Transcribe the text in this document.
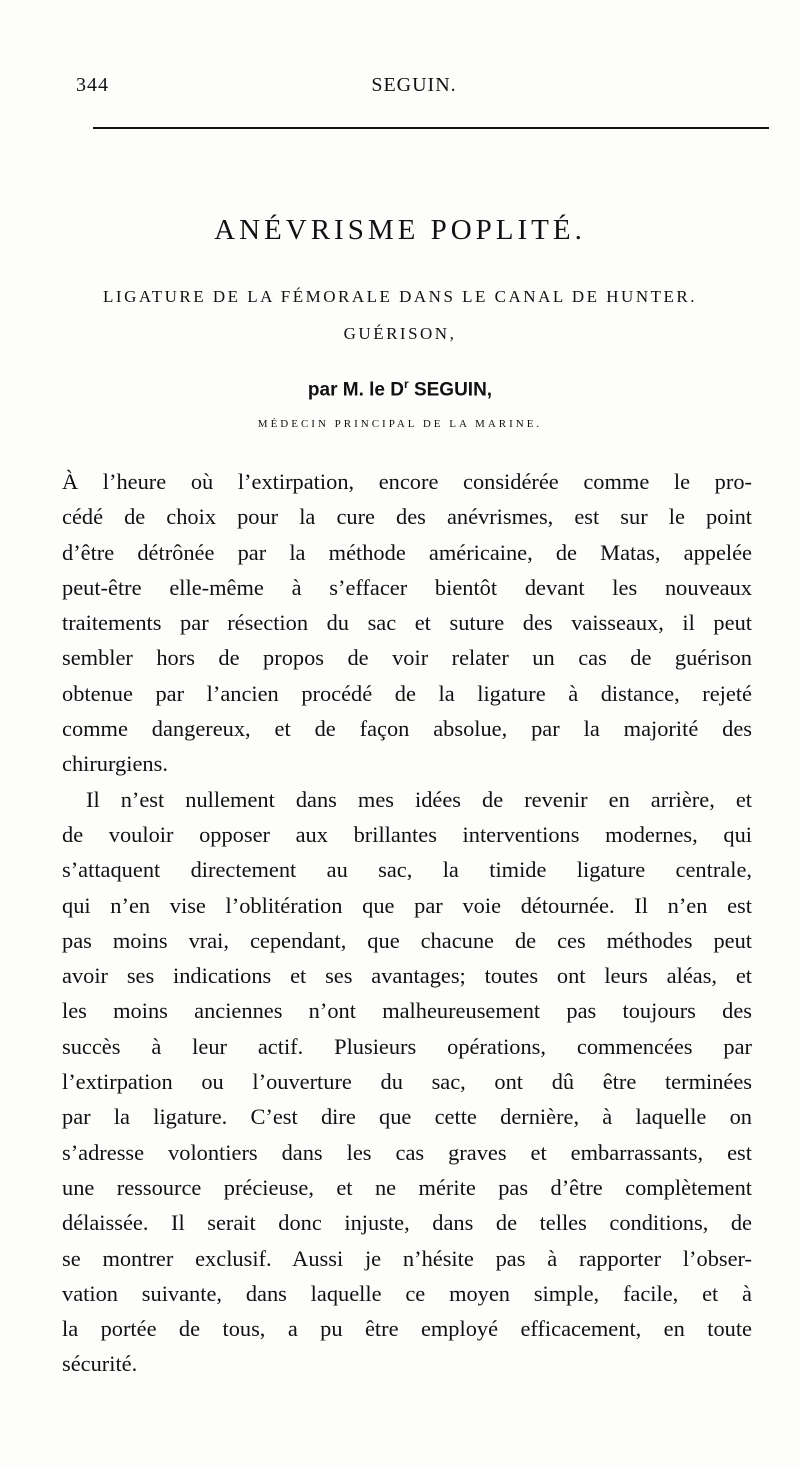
344	SEGUIN.
ANÉVRISME POPLITÉ.
LIGATURE DE LA FÉMORALE DANS LE CANAL DE HUNTER.
GUÉRISON,
par M. le $D^r$ SEGUIN,
MÉDECIN PRINCIPAL DE LA MARINE.
À l’heure où l’extirpation, encore considérée comme le pro-
cédé de choix pour la cure des anévrismes, est sur le point
d’être détrônée par la méthode américaine, de Matas, appelée
peut-être elle-même à s’effacer bientôt devant les nouveaux
traitements par résection du sac et suture des vaisseaux, il peut
sembler hors de propos de voir relater un cas de guérison
obtenue par l’ancien procédé de la ligature à distance, rejeté
comme dangereux, et de façon absolue, par la majorité des
chirurgiens.
Il n’est nullement dans mes idées de revenir en arrière, et
de vouloir opposer aux brillantes interventions modernes, qui
s’attaquent directement au sac, la timide ligature centrale,
qui n’en vise l’oblitération que par voie détournée. Il n’en est
pas moins vrai, cependant, que chacune de ces méthodes peut
avoir ses indications et ses avantages; toutes ont leurs aléas, et
les moins anciennes n’ont malheureusement pas toujours des
succès à leur actif. Plusieurs opérations, commencées par
l’extirpation ou l’ouverture du sac, ont dû être terminées
par la ligature. C’est dire que cette dernière, à laquelle on
s’adresse volontiers dans les cas graves et embarrassants, est
une ressource précieuse, et ne mérite pas d’être complètement
délaissée. Il serait donc injuste, dans de telles conditions, de
se montrer exclusif. Aussi je n’hésite pas à rapporter l’obser-
vation suivante, dans laquelle ce moyen simple, facile, et à
la portée de tous, a pu être employé efficacement, en toute
sécurité.
